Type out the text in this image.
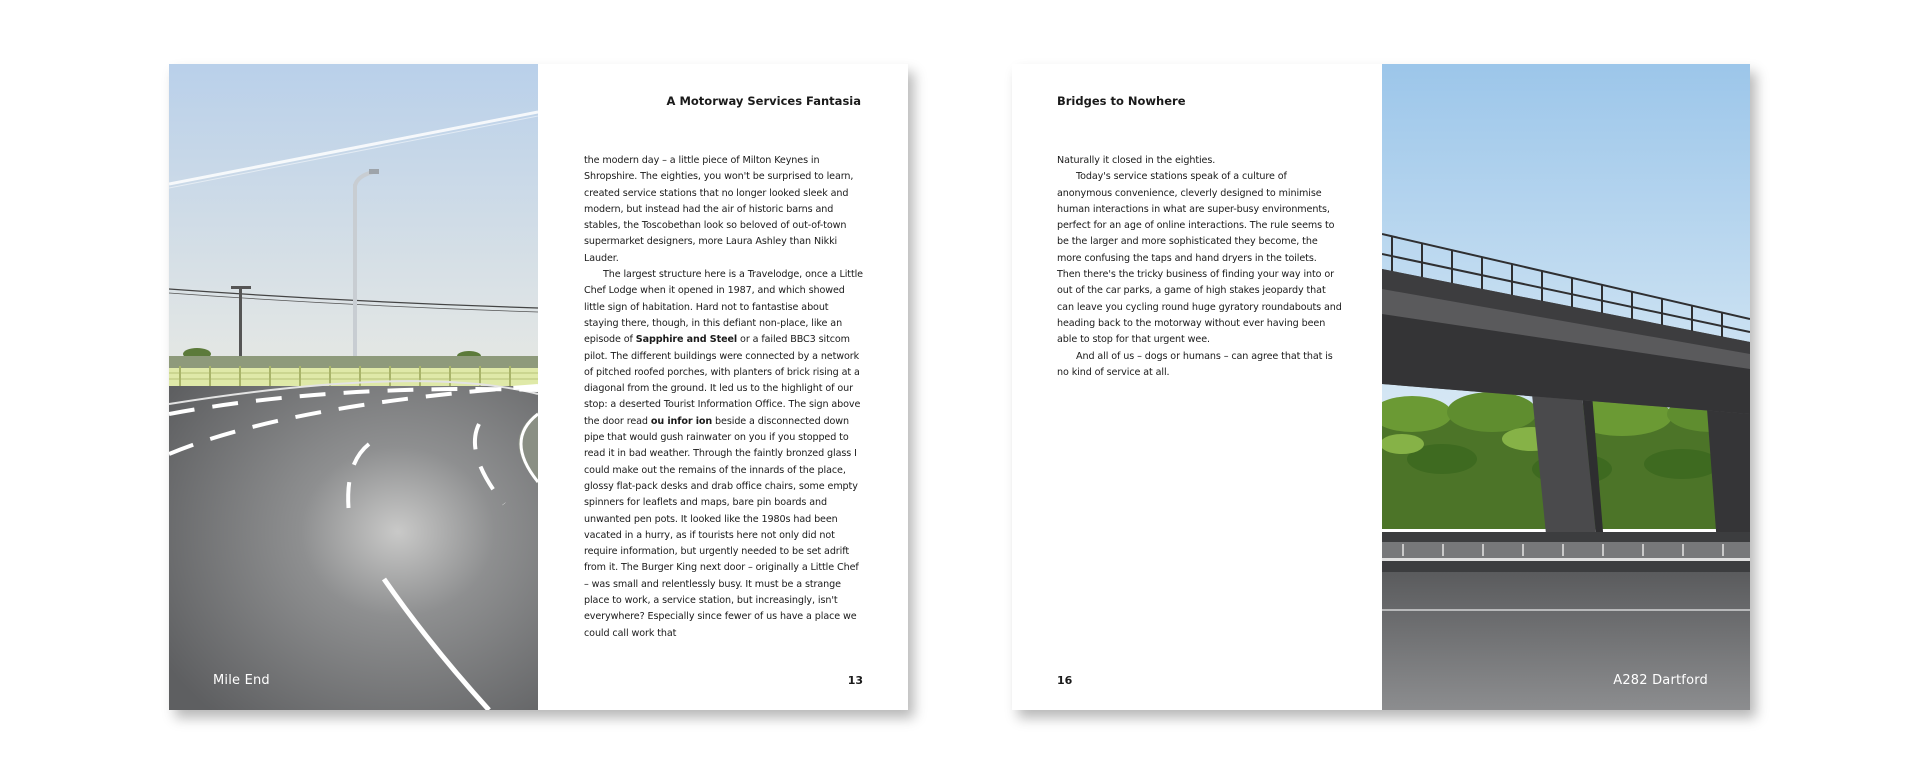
Mile End
A Motorway Services Fantasia

the modern day – a little piece of Milton Keynes in Shropshire. The eighties, you won't be surprised to learn, created service stations that no longer looked sleek and modern, but instead had the air of historic barns and stables, the Toscobethan look so beloved of out-of-town supermarket designers, more Laura Ashley than Nikki Lauder.

The largest structure here is a Travelodge, once a Little Chef Lodge when it opened in 1987, and which showed little sign of habitation. Hard not to fantastise about staying there, though, in this defiant non-place, like an episode of Sapphire and Steel or a failed BBC3 sitcom pilot. The different buildings were connected by a network of pitched roofed porches, with planters of brick rising at a diagonal from the ground. It led us to the highlight of our stop: a deserted Tourist Information Office. The sign above the door read ou infor ion beside a disconnected down pipe that would gush rainwater on you if you stopped to read it in bad weather. Through the faintly bronzed glass I could make out the remains of the innards of the place, glossy flat-pack desks and drab office chairs, some empty spinners for leaflets and maps, bare pin boards and unwanted pen pots. It looked like the 1980s had been vacated in a hurry, as if tourists here not only did not require information, but urgently needed to be set adrift from it. The Burger King next door – originally a Little Chef – was small and relentlessly busy. It must be a strange place to work, a service station, but increasingly, isn't everywhere? Especially since fewer of us have a place we could call work that

13
Bridges to Nowhere

Naturally it closed in the eighties.

Today's service stations speak of a culture of anonymous convenience, cleverly designed to minimise human interactions in what are super-busy environments, perfect for an age of online interactions. The rule seems to be the larger and more sophisticated they become, the more confusing the taps and hand dryers in the toilets. Then there's the tricky business of finding your way into or out of the car parks, a game of high stakes jeopardy that can leave you cycling round huge gyratory roundabouts and heading back to the motorway without ever having been able to stop for that urgent wee.

And all of us – dogs or humans – can agree that that is no kind of service at all.

16	A282 Dartford
